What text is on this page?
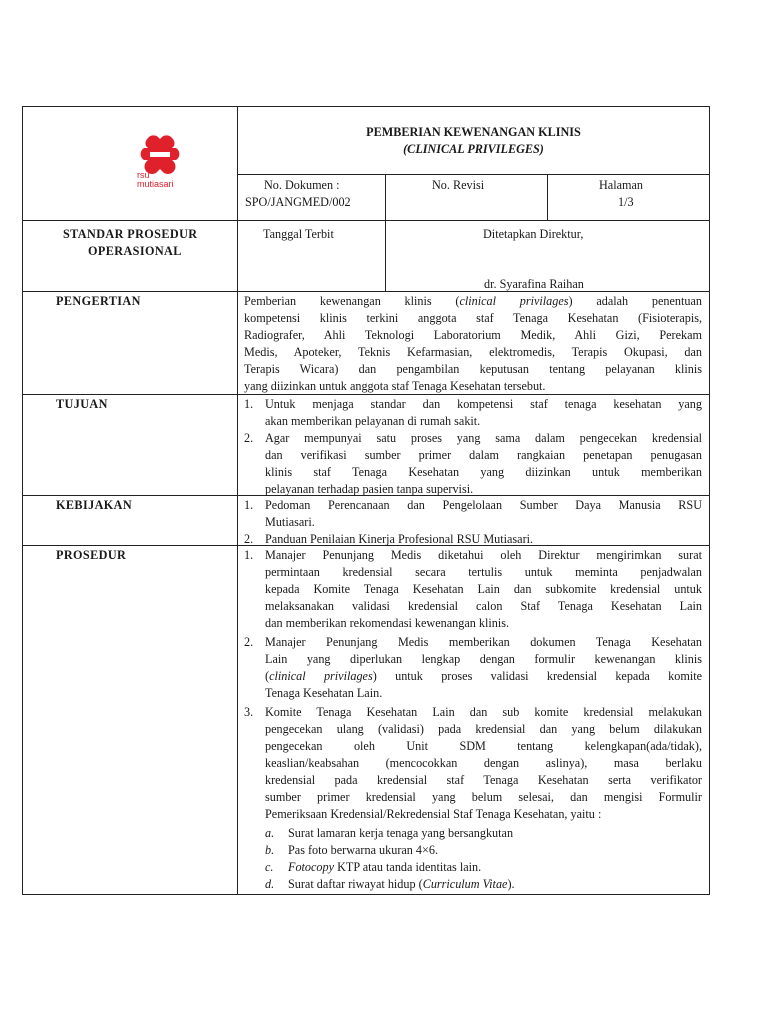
rsu
mutiasari
PEMBERIAN KEWENANGAN KLINIS
(CLINICAL PRIVILEGES)
No. Dokumen :
SPO/JANGMED/002
No. Revisi	Halaman
1/3
STANDAR PROSEDUR
OPERASIONAL
Tanggal Terbit	Ditetapkan Direktur,
dr. Syarafina Raihan
PENGERTIAN
TUJUAN
KEBIJAKAN
PROSEDUR
Pemberian kewenangan klinis (clinical privilages) adalah penentuan
kompetensi klinis terkini anggota staf Tenaga Kesehatan (Fisioterapis,
Radiografer, Ahli Teknologi Laboratorium Medik, Ahli Gizi, Perekam
Medis, Apoteker, Teknis Kefarmasian, elektromedis, Terapis Okupasi, dan
Terapis Wicara) dan pengambilan keputusan tentang pelayanan klinis
yang diizinkan untuk anggota staf Tenaga Kesehatan tersebut.
1. Untuk menjaga standar dan kompetensi staf tenaga kesehatan yang
akan memberikan pelayanan di rumah sakit.
2. Agar mempunyai satu proses yang sama dalam pengecekan kredensial
dan verifikasi sumber primer dalam rangkaian penetapan penugasan
klinis staf Tenaga Kesehatan yang diizinkan untuk memberikan
pelayanan terhadap pasien tanpa supervisi.
1. Pedoman Perencanaan dan Pengelolaan Sumber Daya Manusia RSU
Mutiasari.
2. Panduan Penilaian Kinerja Profesional RSU Mutiasari.
1. Manajer Penunjang Medis diketahui oleh Direktur mengirimkan surat
permintaan kredensial secara tertulis untuk meminta penjadwalan
kepada Komite Tenaga Kesehatan Lain dan subkomite kredensial untuk
melaksanakan validasi kredensial calon Staf Tenaga Kesehatan Lain
dan memberikan rekomendasi kewenangan klinis.
2. Manajer Penunjang Medis memberikan dokumen Tenaga Kesehatan
Lain yang diperlukan lengkap dengan formulir kewenangan klinis
(clinical privilages) untuk proses validasi kredensial kepada komite
Tenaga Kesehatan Lain.
3. Komite Tenaga Kesehatan Lain dan sub komite kredensial melakukan
pengecekan ulang (validasi) pada kredensial dan yang belum dilakukan
pengecekan oleh Unit SDM tentang kelengkapan(ada/tidak),
keaslian/keabsahan (mencocokkan dengan aslinya), masa berlaku
kredensial pada kredensial staf Tenaga Kesehatan serta verifikator
sumber primer kredensial yang belum selesai, dan mengisi Formulir
Pemeriksaan Kredensial/Rekredensial Staf Tenaga Kesehatan, yaitu :
a. Surat lamaran kerja tenaga yang bersangkutan
b. Pas foto berwarna ukuran 4×6.
c. Fotocopy KTP atau tanda identitas lain.
d. Surat daftar riwayat hidup (Curriculum Vitae).
